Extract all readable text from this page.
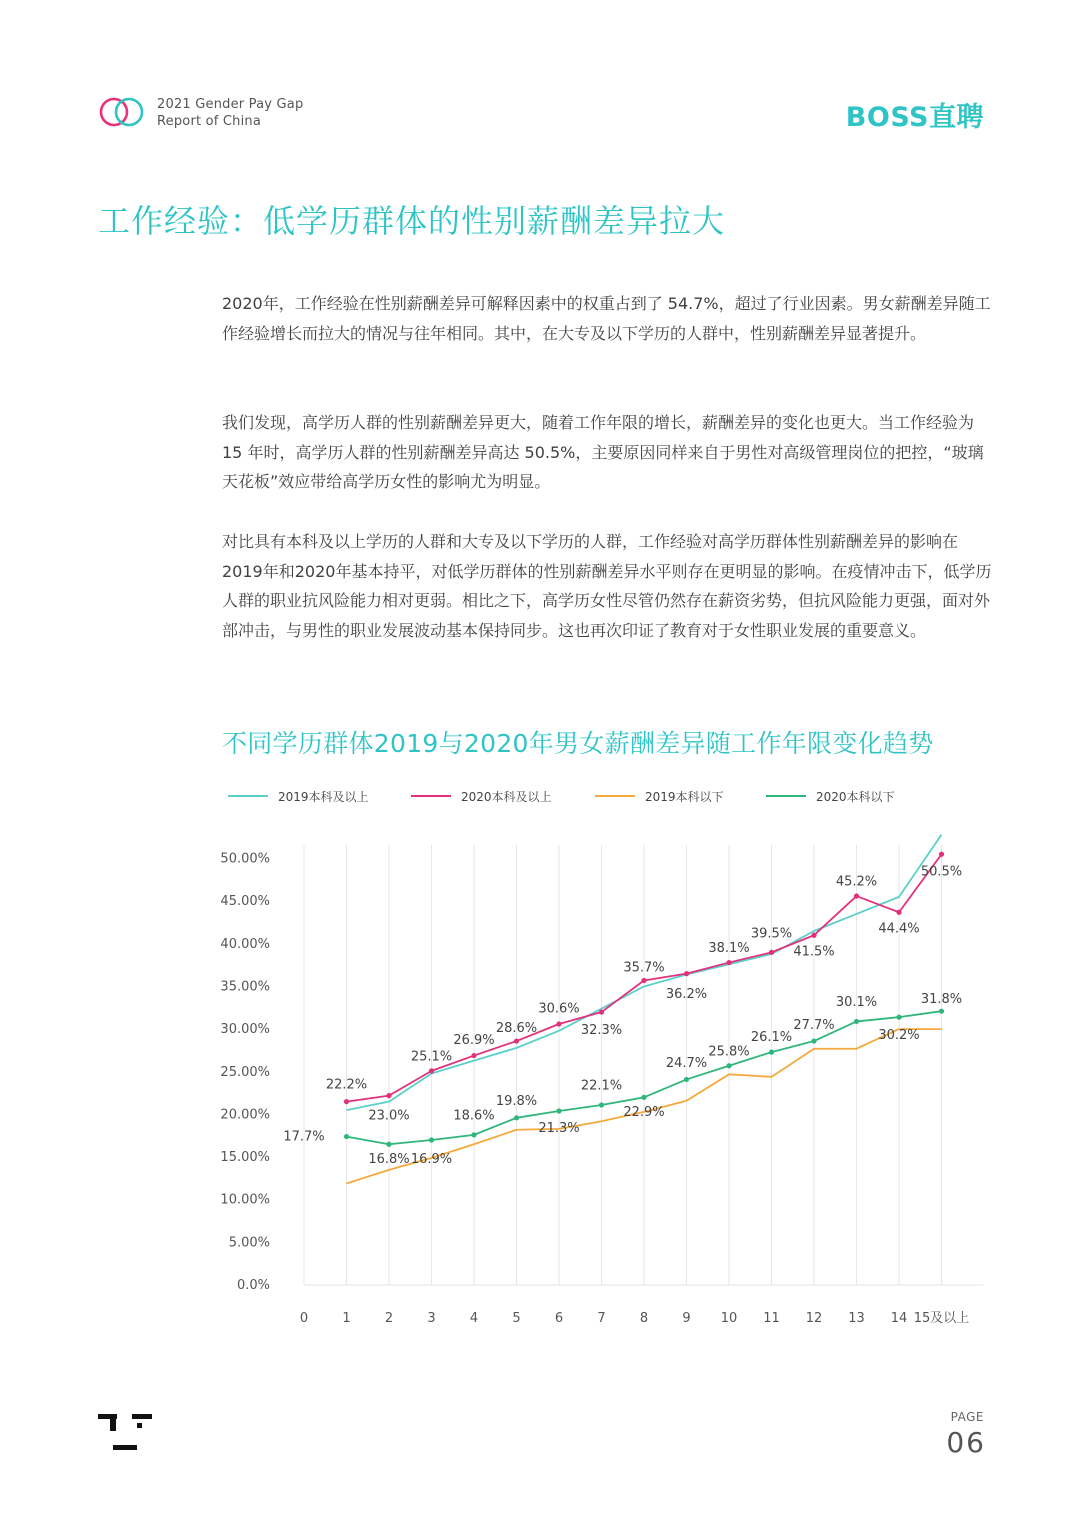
2021 Gender Pay Gap
Report of China	BOSS直聘
工作经验：低学历群体的性别薪酬差异拉大

2020年，工作经验在性别薪酬差异可解释因素中的权重占到了 54.7%，超过了行业因素。男女薪酬差异随工作经验增长而拉大的情况与往年相同。其中，在大专及以下学历的人群中，性别薪酬差异显著提升。

我们发现，高学历人群的性别薪酬差异更大，随着工作年限的增长，薪酬差异的变化也更大。当工作经验为 15 年时，高学历人群的性别薪酬差异高达 50.5%，主要原因同样来自于男性对高级管理岗位的把控，“玻璃天花板”效应带给高学历女性的影响尤为明显。

对比具有本科及以上学历的人群和大专及以下学历的人群，工作经验对高学历群体性别薪酬差异的影响在2019年和2020年基本持平，对低学历群体的性别薪酬差异水平则存在更明显的影响。在疫情冲击下，低学历人群的职业抗风险能力相对更弱。相比之下，高学历女性尽管仍然存在薪资劣势，但抗风险能力更强，面对外部冲击，与男性的职业发展波动基本保持同步。这也再次印证了教育对于女性职业发展的重要意义。

不同学历群体2019与2020年男女薪酬差异随工作年限变化趋势
2019本科及以上	2020本科及以上	2019本科以下	2020本科以下
0.0%
5.00%
10.00%
15.00%
20.00%
25.00%
30.00%
35.00%
40.00%
45.00%
50.00%
0	1	2	3	4	5	6	7	8	9 10 11 12 13 14 15及以上
22.2%
23.0%
25.1%
26.9%
28.6%
30.6%
32.3%
35.7%
36.2%
38.1%
39.5%
41.5%
45.2%
44.4%
50.5%
17.7%
16.8% 16.9%
18.6%
19.8%
21.3%
22.1%
22.9%
24.7%
25.8%
26.1%
27.7%
30.1%
30.2%
31.8%
PAGE
06
